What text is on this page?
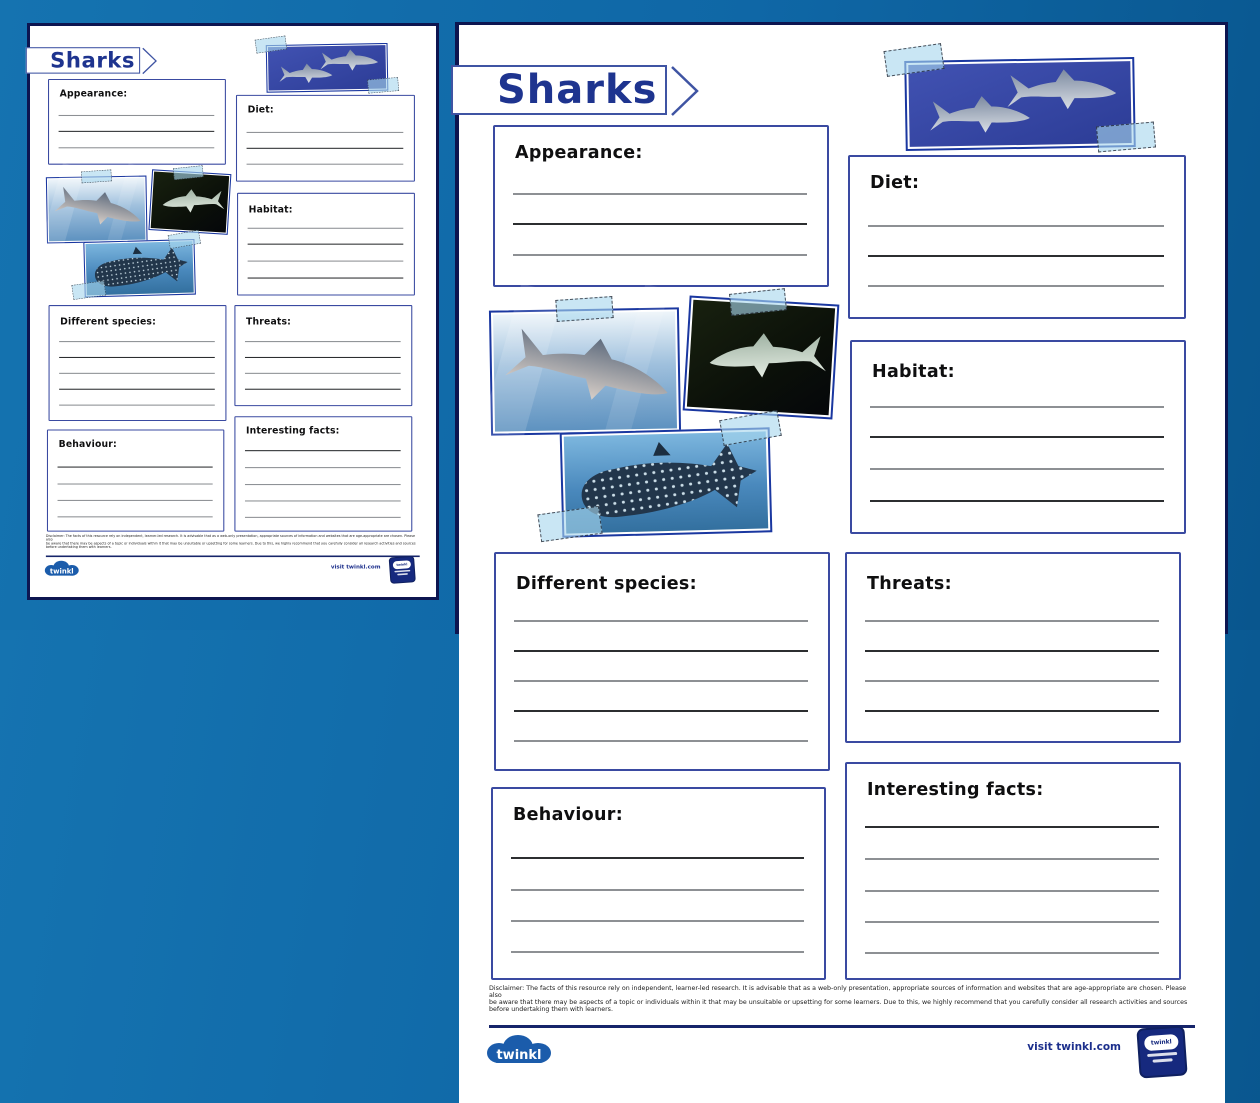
Sharks
Appearance:
Diet:
Habitat:
Different species:	Threats:
Behaviour:
Interesting facts:
Disclaimer: The facts of this resource rely on independent, learner-led research. It is advisable that as a web-only presentation, appropriate sources of information and websites that are age-appropriate are chosen. Please also
be aware that there may be aspects of a topic or individuals within it that may be unsuitable or upsetting for some learners. Due to this, we highly recommend that you carefully consider all research activities and sources
before undertaking them with learners.
twinkl
visit twinkl.com	twinkl
Sharks
Appearance:
Diet:
Habitat:
Different species:	Threats:
Behaviour:
Interesting facts:
Disclaimer: The facts of this resource rely on independent, learner-led research. It is advisable that as a web-only presentation, appropriate sources of information and websites that are age-appropriate are chosen. Please also
be aware that there may be aspects of a topic or individuals within it that may be unsuitable or upsetting for some learners. Due to this, we highly recommend that you carefully consider all research activities and sources
before undertaking them with learners.
twinkl
visit twinkl.com	twinkl
